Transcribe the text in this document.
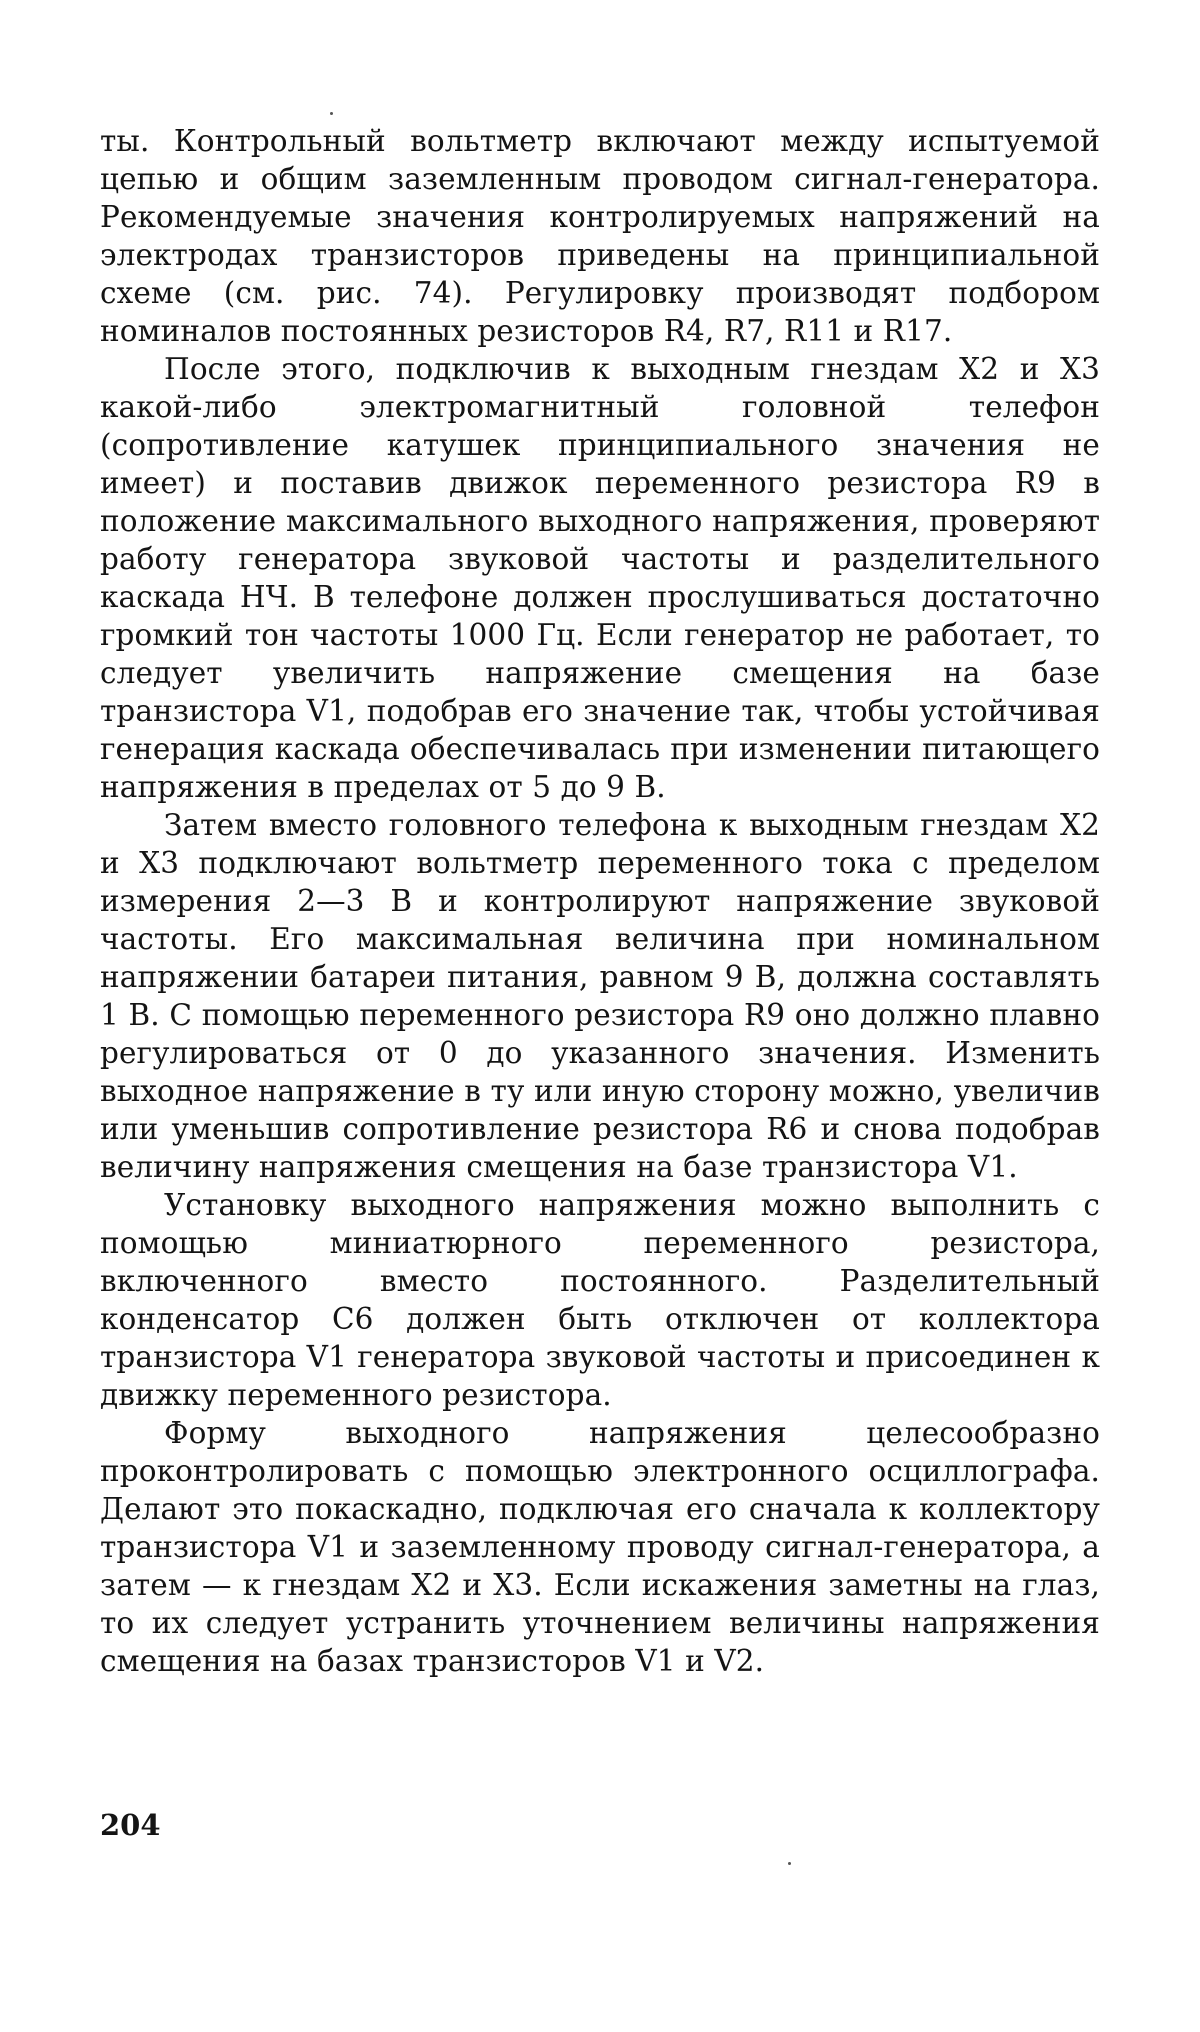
ты. Контрольный вольтметр включают между испытуемой цепью и общим заземленным проводом сигнал-генератора. Рекомендуемые значения контролируемых напряжений на электродах транзисторов приведены на принципиальной схеме (см. рис. 74). Регулировку производят подбором номиналов постоянных резисторов R4, R7, R11 и R17.

После этого, подключив к выходным гнездам X2 и X3 какой-либо электромагнитный головной телефон (сопротивление катушек принципиального значения не имеет) и поставив движок переменного резистора R9 в положение максимального выходного напряжения, проверяют работу генератора звуковой частоты и разделительного каскада НЧ. В телефоне должен прослушиваться достаточно громкий тон частоты 1000 Гц. Если генератор не работает, то следует увеличить напряжение смещения на базе транзистора V1, подобрав его значение так, чтобы устойчивая генерация каскада обеспечивалась при изменении питающего напряжения в пределах от 5 до 9 В.

Затем вместо головного телефона к выходным гнездам X2 и X3 подключают вольтметр переменного тока с пределом измерения 2—3 В и контролируют напряжение звуковой частоты. Его максимальная величина при номинальном напряжении батареи питания, равном 9 В, должна составлять 1 В. С помощью переменного резистора R9 оно должно плавно регулироваться от 0 до указанного значения. Изменить выходное напряжение в ту или иную сторону можно, увеличив или уменьшив сопротивление резистора R6 и снова подобрав величину напряжения смещения на базе транзистора V1.

Установку выходного напряжения можно выполнить с помощью миниатюрного переменного резистора, включенного вместо постоянного. Разделительный конденсатор C6 должен быть отключен от коллектора транзистора V1 генератора звуковой частоты и присоединен к движку переменного резистора.

Форму выходного напряжения целесообразно проконтролировать с помощью электронного осциллографа. Делают это покаскадно, подключая его сначала к коллектору транзистора V1 и заземленному проводу сигнал-генератора, а затем — к гнездам X2 и X3. Если искажения заметны на глаз, то их следует устранить уточнением величины напряжения смещения на базах транзисторов V1 и V2.

204
